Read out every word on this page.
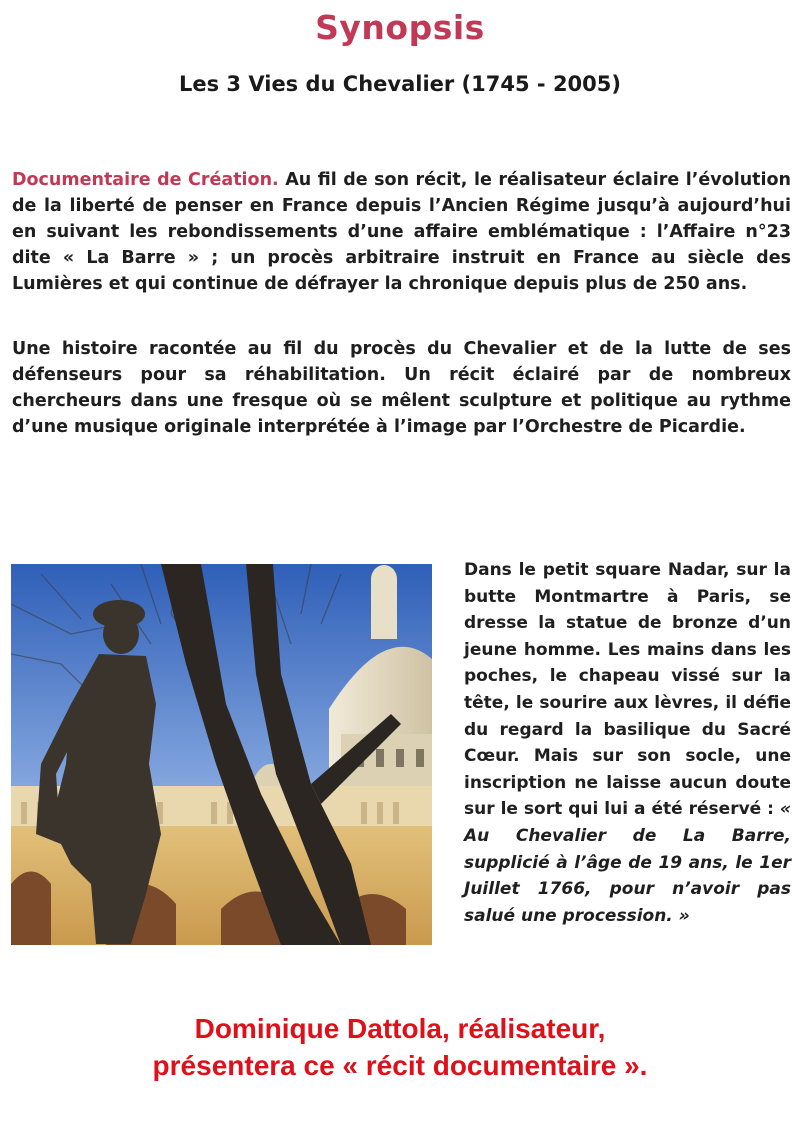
Synopsis
Les 3 Vies du Chevalier (1745 - 2005)

Documentaire de Création. Au fil de son récit, le réalisateur éclaire l’évolution de la liberté de penser en France depuis l’Ancien Régime jusqu’à aujourd’hui en suivant les rebondissements d’une affaire emblématique : l’Affaire n°23 dite « La Barre » ; un procès arbitraire instruit en France au siècle des Lumières et qui continue de défrayer la chronique depuis plus de 250 ans.

Une histoire racontée au fil du procès du Chevalier et de la lutte de ses défenseurs pour sa réhabilitation. Un récit éclairé par de nombreux chercheurs dans une fresque où se mêlent sculpture et politique au rythme d’une musique originale interprétée à l’image par l’Orchestre de Picardie.

Dans le petit square Nadar, sur la butte Montmartre à Paris, se dresse la statue de bronze d’un jeune homme. Les mains dans les poches, le chapeau vissé sur la tête, le sourire aux lèvres, il défie du regard la basilique du Sacré Cœur. Mais sur son socle, une inscription ne laisse aucun doute sur le sort qui lui a été réservé : « Au Chevalier de La Barre, supplicié à l’âge de 19 ans, le 1er Juillet 1766, pour n’avoir pas salué une procession. »

Dominique Dattola, réalisateur,
présentera ce « récit documentaire ».
